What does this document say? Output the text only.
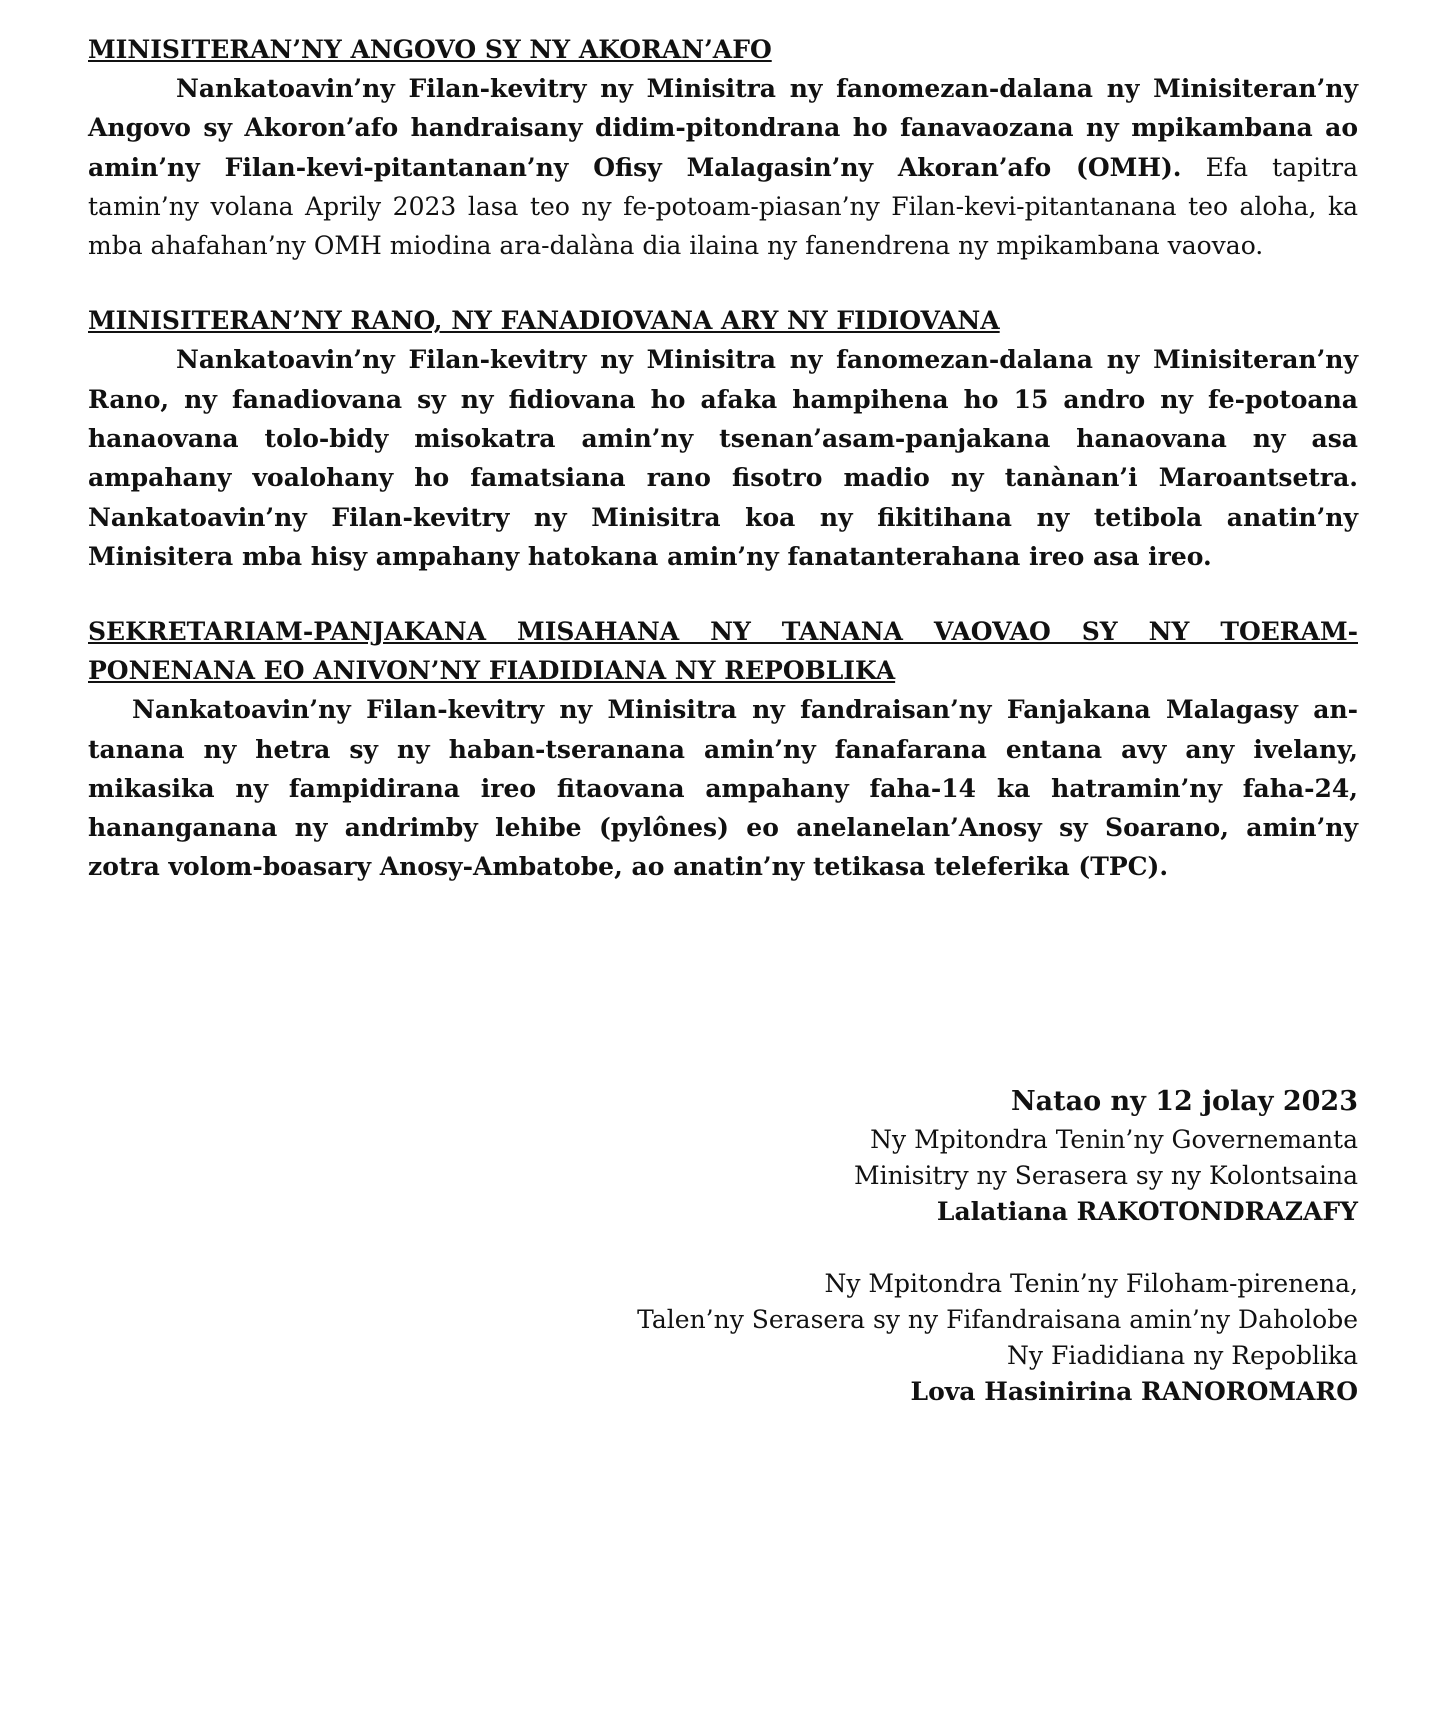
MINISITERAN’NY ANGOVO SY NY AKORAN’AFO

Nankatoavin’ny Filan-kevitry ny Minisitra ny fanomezan-dalana ny Minisiteran’ny Angovo sy Akoron’afo handraisany didim-pitondrana ho fanavaozana ny mpikambana ao amin’ny Filan-kevi-pitantanan’ny Ofisy Malagasin’ny Akoran’afo (OMH). Efa tapitra tamin’ny volana Aprily 2023 lasa teo ny fe-potoam-piasan’ny Filan-kevi-pitantanana teo aloha, ka mba ahafahan’ny OMH miodina ara-dalàna dia ilaina ny fanendrena ny mpikambana vaovao.

MINISITERAN’NY RANO, NY FANADIOVANA ARY NY FIDIOVANA

Nankatoavin’ny Filan-kevitry ny Minisitra ny fanomezan-dalana ny Minisiteran’ny Rano, ny fanadiovana sy ny fidiovana ho afaka hampihena ho 15 andro ny fe-potoana hanaovana tolo-bidy misokatra amin’ny tsenan’asam-panjakana hanaovana ny asa ampahany voalohany ho famatsiana rano fisotro madio ny tanànan’i Maroantsetra. Nankatoavin’ny Filan-kevitry ny Minisitra koa ny fikitihana ny tetibola anatin’ny Minisitera mba hisy ampahany hatokana amin’ny fanatanterahana ireo asa ireo.

SEKRETARIAM-PANJAKANA MISAHANA NY TANANA VAOVAO SY NY TOERAM-PONENANA EO ANIVON’NY FIADIDIANA NY REPOBLIKA

Nankatoavin’ny Filan-kevitry ny Minisitra ny fandraisan’ny Fanjakana Malagasy an-tanana ny hetra sy ny haban-tseranana amin’ny fanafarana entana avy any ivelany, mikasika ny fampidirana ireo fitaovana ampahany faha-14 ka hatramin’ny faha-24, hananganana ny andrimby lehibe (pylônes) eo anelanelan’Anosy sy Soarano, amin’ny zotra volom-boasary Anosy-Ambatobe, ao anatin’ny tetikasa teleferika (TPC).

Natao ny 12 jolay 2023
Ny Mpitondra Tenin’ny Governemanta
Minisitry ny Serasera sy ny Kolontsaina
Lalatiana RAKOTONDRAZAFY
Ny Mpitondra Tenin’ny Filoham-pirenena,
Talen’ny Serasera sy ny Fifandraisana amin’ny Daholobe
Ny Fiadidiana ny Repoblika
Lova Hasinirina RANOROMARO
